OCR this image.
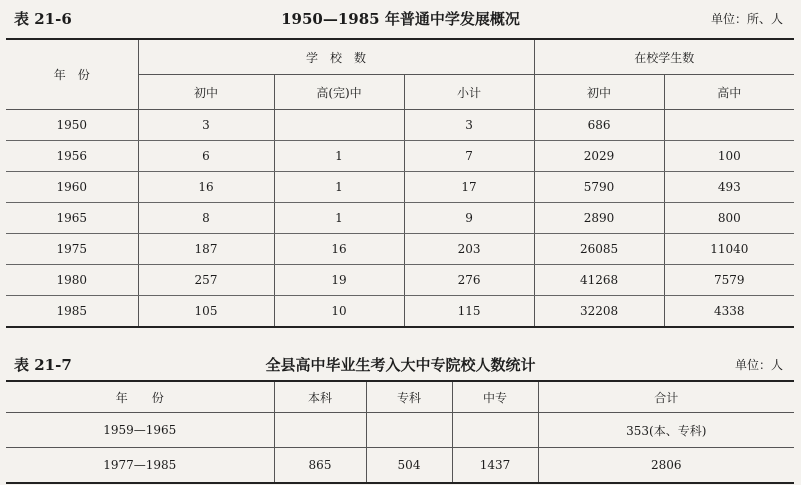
表 21-6	1950—1985 年普通中学发展概况	单位：所、人
年　份	学　校　数			在校学生数	
	初中	高(完)中	小计	初中	高中
1950	3		3	686	
1956	6	1	7	2029	100
1960	16	1	17	5790	493
1965	8	1	9	2890	800
1975	187	16	203	26085	11040
1980	257	19	276	41268	7579
1985	105	10	115	32208	4338
表 21-7	全县高中毕业生考入大中专院校人数统计	单位：人
年　　份	本科	专科	中专	合计
1959—1965				353(本、专科)
1977—1985	865	504	1437	2806
